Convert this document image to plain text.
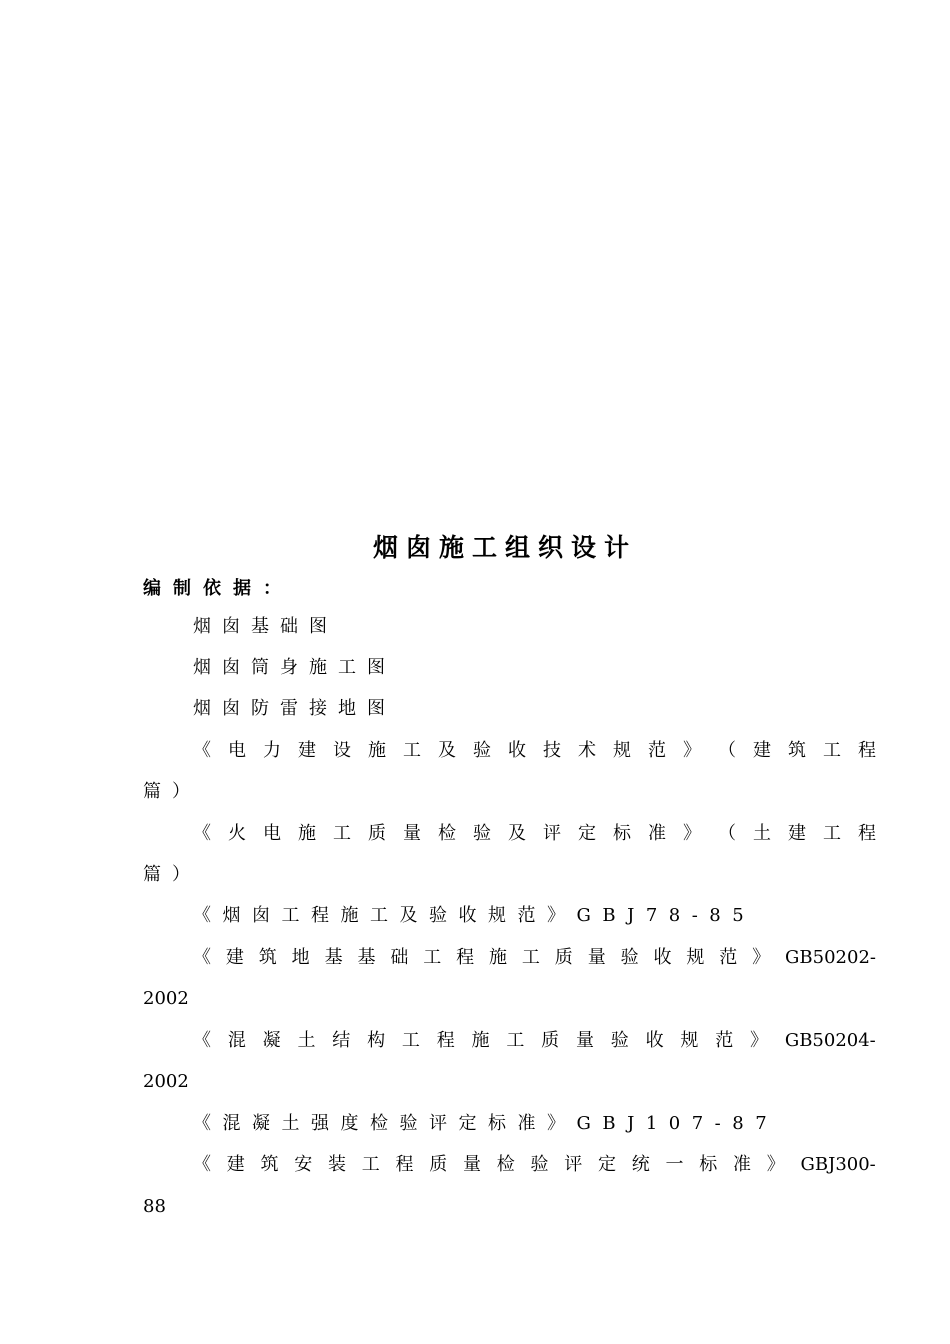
烟囱施工组织设计
编制依据：
烟囱基础图
烟囱筒身施工图
烟囱防雷接地图
《 电 力 建 设 施 工 及 验 收 技 术 规 范 》 （ 建 筑 工 程
篇）
《 火 电 施 工 质 量 检 验 及 评 定 标 准 》 （ 土 建 工 程
篇）
《烟囱工程施工及验收规范》GBJ78-85
《 建 筑 地 基 基 础 工 程 施 工 质 量 验 收 规 范 》 GB50202-
2002
《 混 凝 土 结 构 工 程 施 工 质 量 验 收 规 范 》 GB50204-
2002
《混凝土强度检验评定标准》GBJ107-87
《 建 筑 安 装 工 程 质 量 检 验 评 定 统 一 标 准 》 GBJ300-
88
